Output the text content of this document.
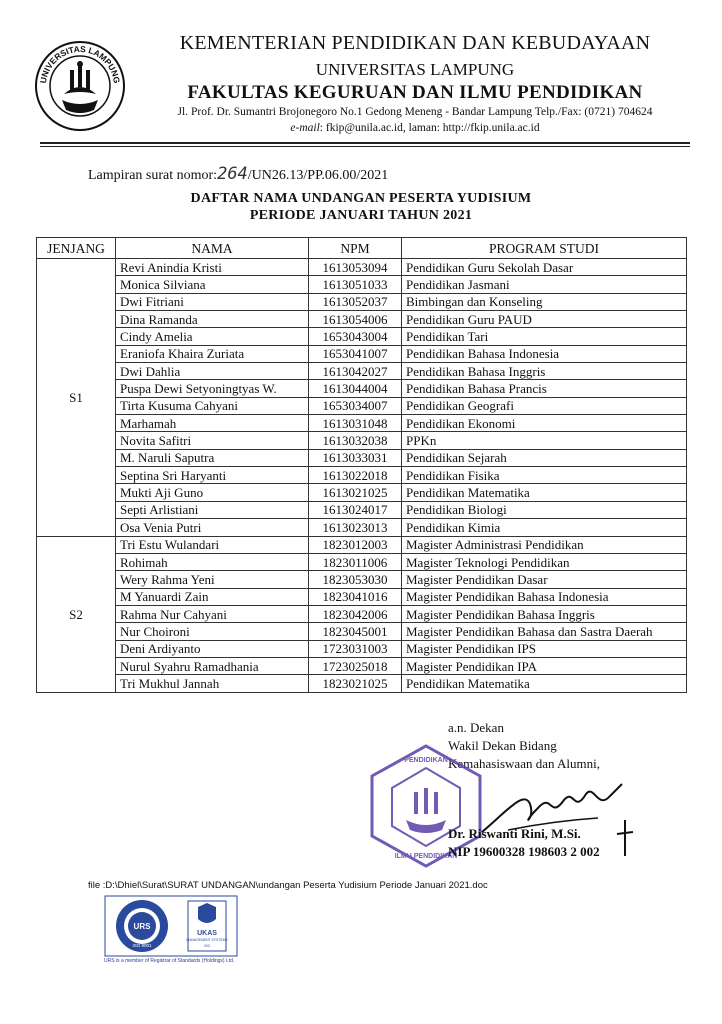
UNIVERSITAS LAMPUNG
KEMENTERIAN PENDIDIKAN DAN KEBUDAYAAN
UNIVERSITAS LAMPUNG
FAKULTAS KEGURUAN DAN ILMU PENDIDIKAN
Jl. Prof. Dr. Sumantri Brojonegoro No.1 Gedong Meneng - Bandar Lampung Telp./Fax: (0721) 704624
e-mail: fkip@unila.ac.id, laman: http://fkip.unila.ac.id
Lampiran surat nomor:264/UN26.13/PP.06.00/2021
DAFTAR NAMA UNDANGAN PESERTA YUDISIUM
PERIODE JANUARI TAHUN 2021
JENJANG	NAMA	NPM	PROGRAM STUDI
S1	Revi Anindia Kristi	1613053094	Pendidikan Guru Sekolah Dasar
	Monica Silviana	1613051033	Pendidikan Jasmani
	Dwi Fitriani	1613052037	Bimbingan dan Konseling
	Dina Ramanda	1613054006	Pendidikan Guru PAUD
	Cindy Amelia	1653043004	Pendidikan Tari
	Eraniofa Khaira Zuriata	1653041007	Pendidikan Bahasa Indonesia
	Dwi Dahlia	1613042027	Pendidikan Bahasa Inggris
	Puspa Dewi Setyoningtyas W.	1613044004	Pendidikan Bahasa Prancis
	Tirta Kusuma Cahyani	1653034007	Pendidikan Geografi
	Marhamah	1613031048	Pendidikan Ekonomi
	Novita Safitri	1613032038	PPKn
	M. Naruli Saputra	1613033031	Pendidikan Sejarah
	Septina Sri Haryanti	1613022018	Pendidikan Fisika
	Mukti Aji Guno	1613021025	Pendidikan Matematika
	Septi Arlistiani	1613024017	Pendidikan Biologi
	Osa Venia Putri	1613023013	Pendidikan Kimia
S2	Tri Estu Wulandari	1823012003	Magister Administrasi Pendidikan
	Rohimah	1823011006	Magister Teknologi Pendidikan
	Wery Rahma Yeni	1823053030	Magister Pendidikan Dasar
	M Yanuardi Zain	1823041016	Magister Pendidikan Bahasa Indonesia
	Rahma Nur Cahyani	1823042006	Magister Pendidikan Bahasa Inggris
	Nur Choironi	1823045001	Magister Pendidikan Bahasa dan Sastra Daerah
	Deni Ardiyanto	1723031003	Magister Pendidikan IPS
	Nurul Syahru Ramadhania	1723025018	Magister Pendidikan IPA
	Tri Mukhul Jannah	1823021025	Pendidikan Matematika
a.n. Dekan
Wakil Dekan Bidang
Kemahasiswaan dan Alumni,
PENDIDIKAN
ILMU PENDIDIKAN
Dr. Riswanti Rini, M.Si.
NIP 19600328 198603 2 002
file :D:\Dhiel\Surat\SURAT UNDANGAN\undangan Peserta Yudisium Periode Januari 2021.doc
URS
ISO 9001
UKAS
MANAGEMENT SYSTEMS
003
URS is a member of Registrar of Standards (Holdings) Ltd.
